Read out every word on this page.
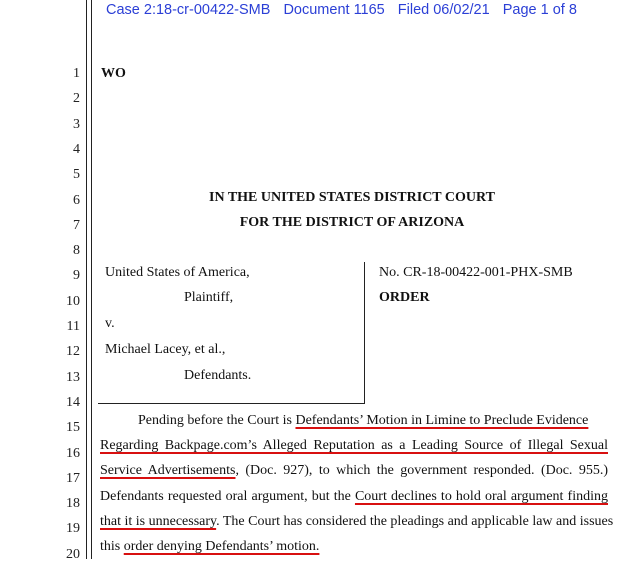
Case 2:18-cr-00422-SMB Document 1165 Filed 06/02/21 Page 1 of 8
1
2
3
4
5
6
7
8
9
10
11
12
13
14
15
16
17
18
19
20
WO
IN THE UNITED STATES DISTRICT COURT
FOR THE DISTRICT OF ARIZONA
United States of America,
Plaintiff,
v.
Michael Lacey, et al.,
Defendants.
No. CR-18-00422-001-PHX-SMB
ORDER
Pending before the Court is Defendants’ Motion in Limine to Preclude Evidence
Regarding Backpage.com’s Alleged Reputation as a Leading Source of Illegal Sexual
Service Advertisements, (Doc. 927), to which the government responded. (Doc. 955.)
Defendants requested oral argument, but the Court declines to hold oral argument finding
that it is unnecessary. The Court has considered the pleadings and applicable law and issues
this order denying Defendants’ motion.
